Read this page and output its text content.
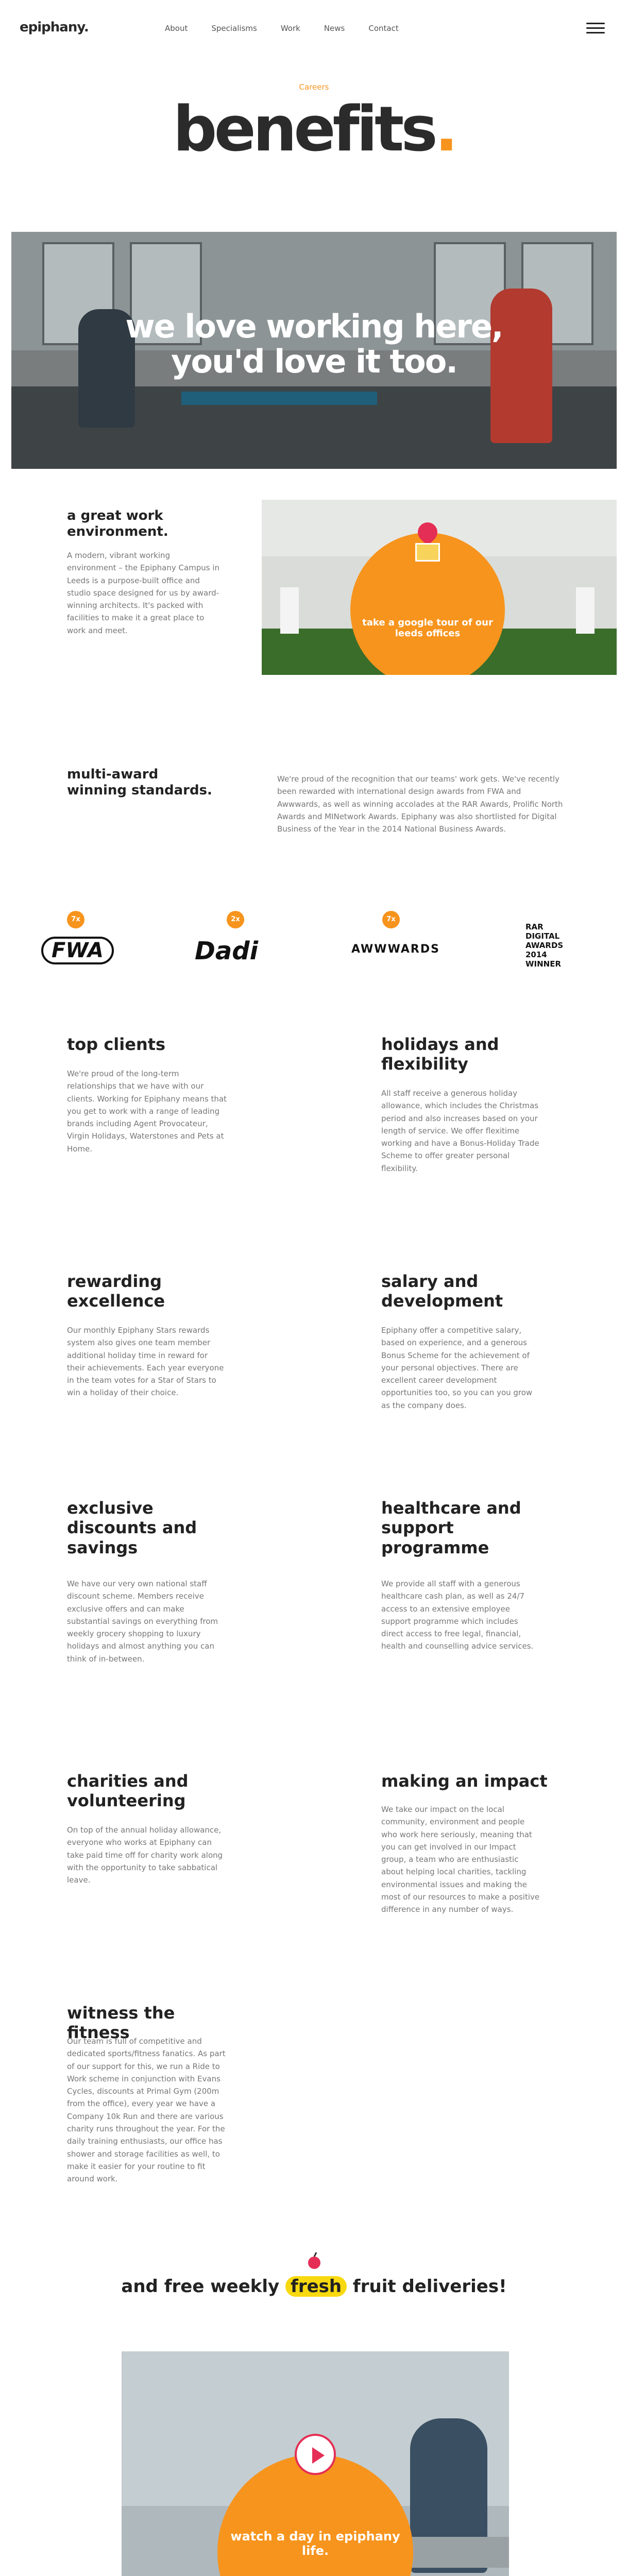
epiphany.	About	Specialisms	Work	News	Contact
Careers
benefits.
we love working here,
you'd love it too.
a great work environment.

A modern, vibrant working environment – the Epiphany Campus in Leeds is a purpose-built office and studio space designed for us by award-winning architects. It's packed with facilities to make it a great place to work and meet.

take a google tour of our leeds offices
multi-award winning standards.

We're proud of the recognition that our teams' work gets. We've recently been rewarded with international design awards from FWA and Awwwards, as well as winning accolades at the RAR Awards, Prolific North Awards and MINetwork Awards. Epiphany was also shortlisted for Digital Business of the Year in the 2014 National Business Awards.

7x
FWA
2x
Dadi
7x
AWWWARDS
RAR DIGITAL AWARDS 2014 WINNER
top clients

We're proud of the long-term relationships that we have with our clients. Working for Epiphany means that you get to work with a range of leading brands including Agent Provocateur, Virgin Holidays, Waterstones and Pets at Home.

holidays and flexibility

All staff receive a generous holiday allowance, which includes the Christmas period and also increases based on your length of service. We offer flexitime working and have a Bonus-Holiday Trade Scheme to offer greater personal flexibility.

rewarding excellence

Our monthly Epiphany Stars rewards system also gives one team member additional holiday time in reward for their achievements. Each year everyone in the team votes for a Star of Stars to win a holiday of their choice.

salary and development

Epiphany offer a competitive salary, based on experience, and a generous Bonus Scheme for the achievement of your personal objectives. There are excellent career development opportunities too, so you can you grow as the company does.

exclusive discounts and savings

We have our very own national staff discount scheme. Members receive exclusive offers and can make substantial savings on everything from weekly grocery shopping to luxury holidays and almost anything you can think of in-between.

healthcare and support programme

We provide all staff with a generous healthcare cash plan, as well as 24/7 access to an extensive employee support programme which includes direct access to free legal, financial, health and counselling advice services.

charities and volunteering

On top of the annual holiday allowance, everyone who works at Epiphany can take paid time off for charity work along with the opportunity to take sabbatical leave.

making an impact

We take our impact on the local community, environment and people who work here seriously, meaning that you can get involved in our Impact group, a team who are enthusiastic about helping local charities, tackling environmental issues and making the most of our resources to make a positive difference in any number of ways.

witness the fitness

Our team is full of competitive and dedicated sports/fitness fanatics. As part of our support for this, we run a Ride to Work scheme in conjunction with Evans Cycles, discounts at Primal Gym (200m from the office), every year we have a Company 10k Run and there are various charity runs throughout the year. For the daily training enthusiasts, our office has shower and storage facilities as well, to make it easier for your routine to fit around work.

and free weekly fresh fruit deliveries!
watch a day in epiphany life.
